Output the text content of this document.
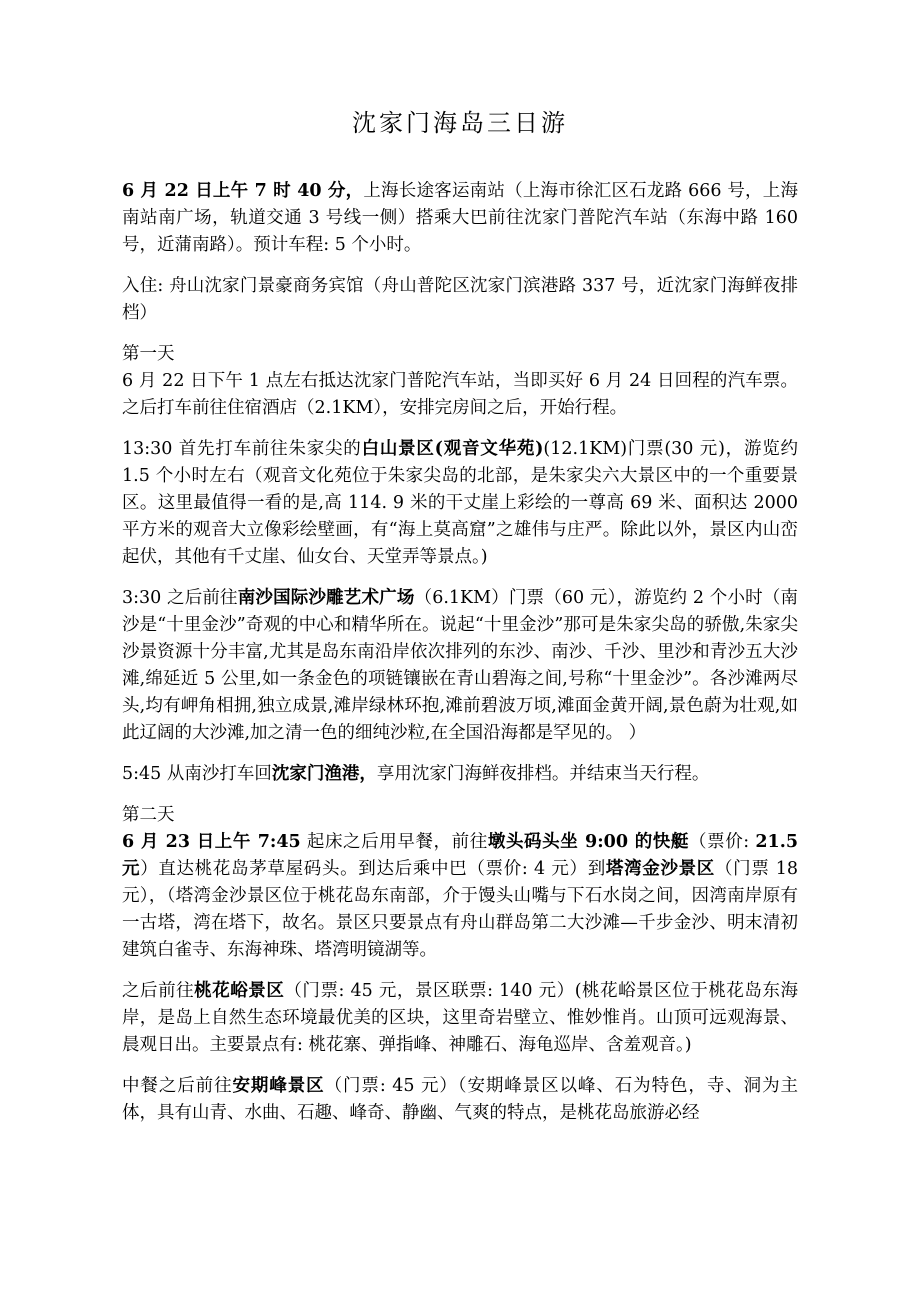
沈家门海岛三日游

6 月 22 日上午 7 时 40 分，上海长途客运南站（上海市徐汇区石龙路 666 号，上海南站南广场，轨道交通 3 号线一侧）搭乘大巴前往沈家门普陀汽车站（东海中路 160 号，近蒲南路）。预计车程: 5 个小时。

入住: 舟山沈家门景豪商务宾馆（舟山普陀区沈家门滨港路 337 号，近沈家门海鲜夜排档）

第一天

6 月 22 日下午 1 点左右抵达沈家门普陀汽车站，当即买好 6 月 24 日回程的汽车票。之后打车前往住宿酒店（2.1KM），安排完房间之后，开始行程。

13:30 首先打车前往朱家尖的白山景区(观音文华苑)(12.1KM)门票(30 元)，游览约 1.5 个小时左右（观音文化苑位于朱家尖岛的北部，是朱家尖六大景区中的一个重要景区。这里最值得一看的是,高 114. 9 米的干丈崖上彩绘的一尊高 69 米、面积达 2000 平方米的观音大立像彩绘壁画，有“海上莫高窟”之雄伟与庄严。除此以外，景区内山峦起伏，其他有千丈崖、仙女台、天堂弄等景点。)

3:30 之后前往南沙国际沙雕艺术广场（6.1KM）门票（60 元），游览约 2 个小时（南沙是“十里金沙”奇观的中心和精华所在。说起“十里金沙”那可是朱家尖岛的骄傲,朱家尖沙景资源十分丰富,尤其是岛东南沿岸依次排列的东沙、南沙、千沙、里沙和青沙五大沙滩,绵延近 5 公里,如一条金色的项链镶嵌在青山碧海之间,号称“十里金沙”。各沙滩两尽头,均有岬角相拥,独立成景,滩岸绿林环抱,滩前碧波万顷,滩面金黄开阔,景色蔚为壮观,如此辽阔的大沙滩,加之清一色的细纯沙粒,在全国沿海都是罕见的。 ）

5:45 从南沙打车回沈家门渔港，享用沈家门海鲜夜排档。并结束当天行程。

第二天

6 月 23 日上午 7:45 起床之后用早餐，前往墩头码头坐 9:00 的快艇（票价: 21.5 元）直达桃花岛茅草屋码头。到达后乘中巴（票价: 4 元）到塔湾金沙景区（门票 18 元），（塔湾金沙景区位于桃花岛东南部，介于馒头山嘴与下石水岗之间，因湾南岸原有一古塔，湾在塔下，故名。景区只要景点有舟山群岛第二大沙滩—千步金沙、明末清初建筑白雀寺、东海神珠、塔湾明镜湖等。

之后前往桃花峪景区（门票: 45 元，景区联票: 140 元）(桃花峪景区位于桃花岛东海岸，是岛上自然生态环境最优美的区块，这里奇岩壁立、惟妙惟肖。山顶可远观海景、晨观日出。主要景点有: 桃花寨、弹指峰、神雕石、海龟巡岸、含羞观音。)

中餐之后前往安期峰景区（门票: 45 元）（安期峰景区以峰、石为特色，寺、洞为主体，具有山青、水曲、石趣、峰奇、静幽、气爽的特点，是桃花岛旅游必经
